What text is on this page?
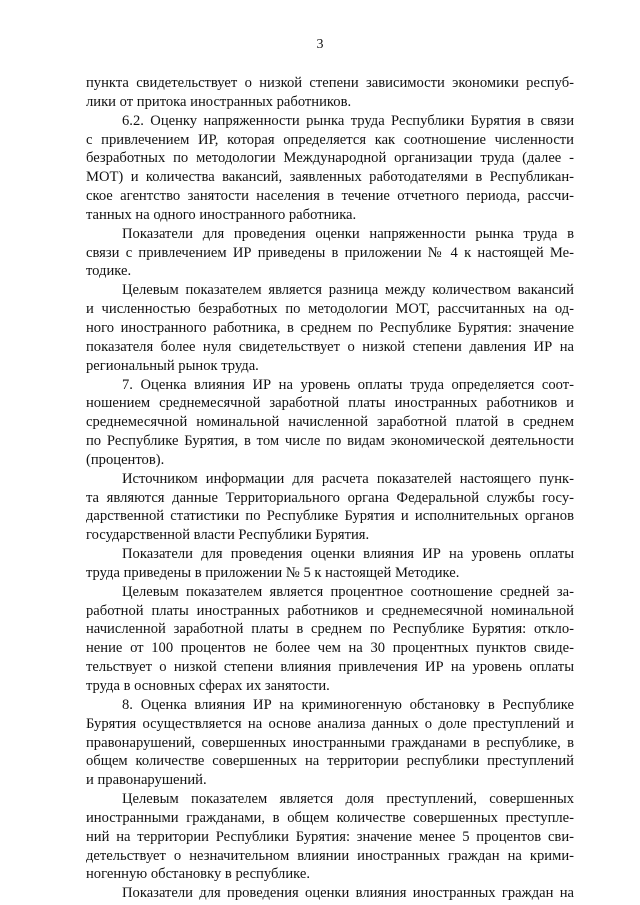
3

пункта свидетельствует о низкой степени зависимости экономики респуб-
лики от притока иностранных работников.

6.2. Оценку напряженности рынка труда Республики Бурятия в связи
с привлечением ИР, которая определяется как соотношение численности
безработных по методологии Международной организации труда (далее -
МОТ) и количества вакансий, заявленных работодателями в Республикан-
ское агентство занятости населения в течение отчетного периода, рассчи-
танных на одного иностранного работника.

Показатели для проведения оценки напряженности рынка труда в
связи с привлечением ИР приведены в приложении № 4 к настоящей Ме-
тодике.

Целевым показателем является разница между количеством вакансий
и численностью безработных по методологии МОТ, рассчитанных на од-
ного иностранного работника, в среднем по Республике Бурятия: значение
показателя более нуля свидетельствует о низкой степени давления ИР на
региональный рынок труда.

7. Оценка влияния ИР на уровень оплаты труда определяется соот-
ношением среднемесячной заработной платы иностранных работников и
среднемесячной номинальной начисленной заработной платой в среднем
по Республике Бурятия, в том числе по видам экономической деятельности
(процентов).

Источником информации для расчета показателей настоящего пунк-
та являются данные Территориального органа Федеральной службы госу-
дарственной статистики по Республике Бурятия и исполнительных органов
государственной власти Республики Бурятия.

Показатели для проведения оценки влияния ИР на уровень оплаты
труда приведены в приложении № 5 к настоящей Методике.

Целевым показателем является процентное соотношение средней за-
работной платы иностранных работников и среднемесячной номинальной
начисленной заработной платы в среднем по Республике Бурятия: откло-
нение от 100 процентов не более чем на 30 процентных пунктов свиде-
тельствует о низкой степени влияния привлечения ИР на уровень оплаты
труда в основных сферах их занятости.

8. Оценка влияния ИР на криминогенную обстановку в Республике
Бурятия осуществляется на основе анализа данных о доле преступлений и
правонарушений, совершенных иностранными гражданами в республике, в
общем количестве совершенных на территории республики преступлений
и правонарушений.

Целевым показателем является доля преступлений, совершенных
иностранными гражданами, в общем количестве совершенных преступле-
ний на территории Республики Бурятия: значение менее 5 процентов сви-
детельствует о незначительном влиянии иностранных граждан на крими-
ногенную обстановку в республике.

Показатели для проведения оценки влияния иностранных граждан на
